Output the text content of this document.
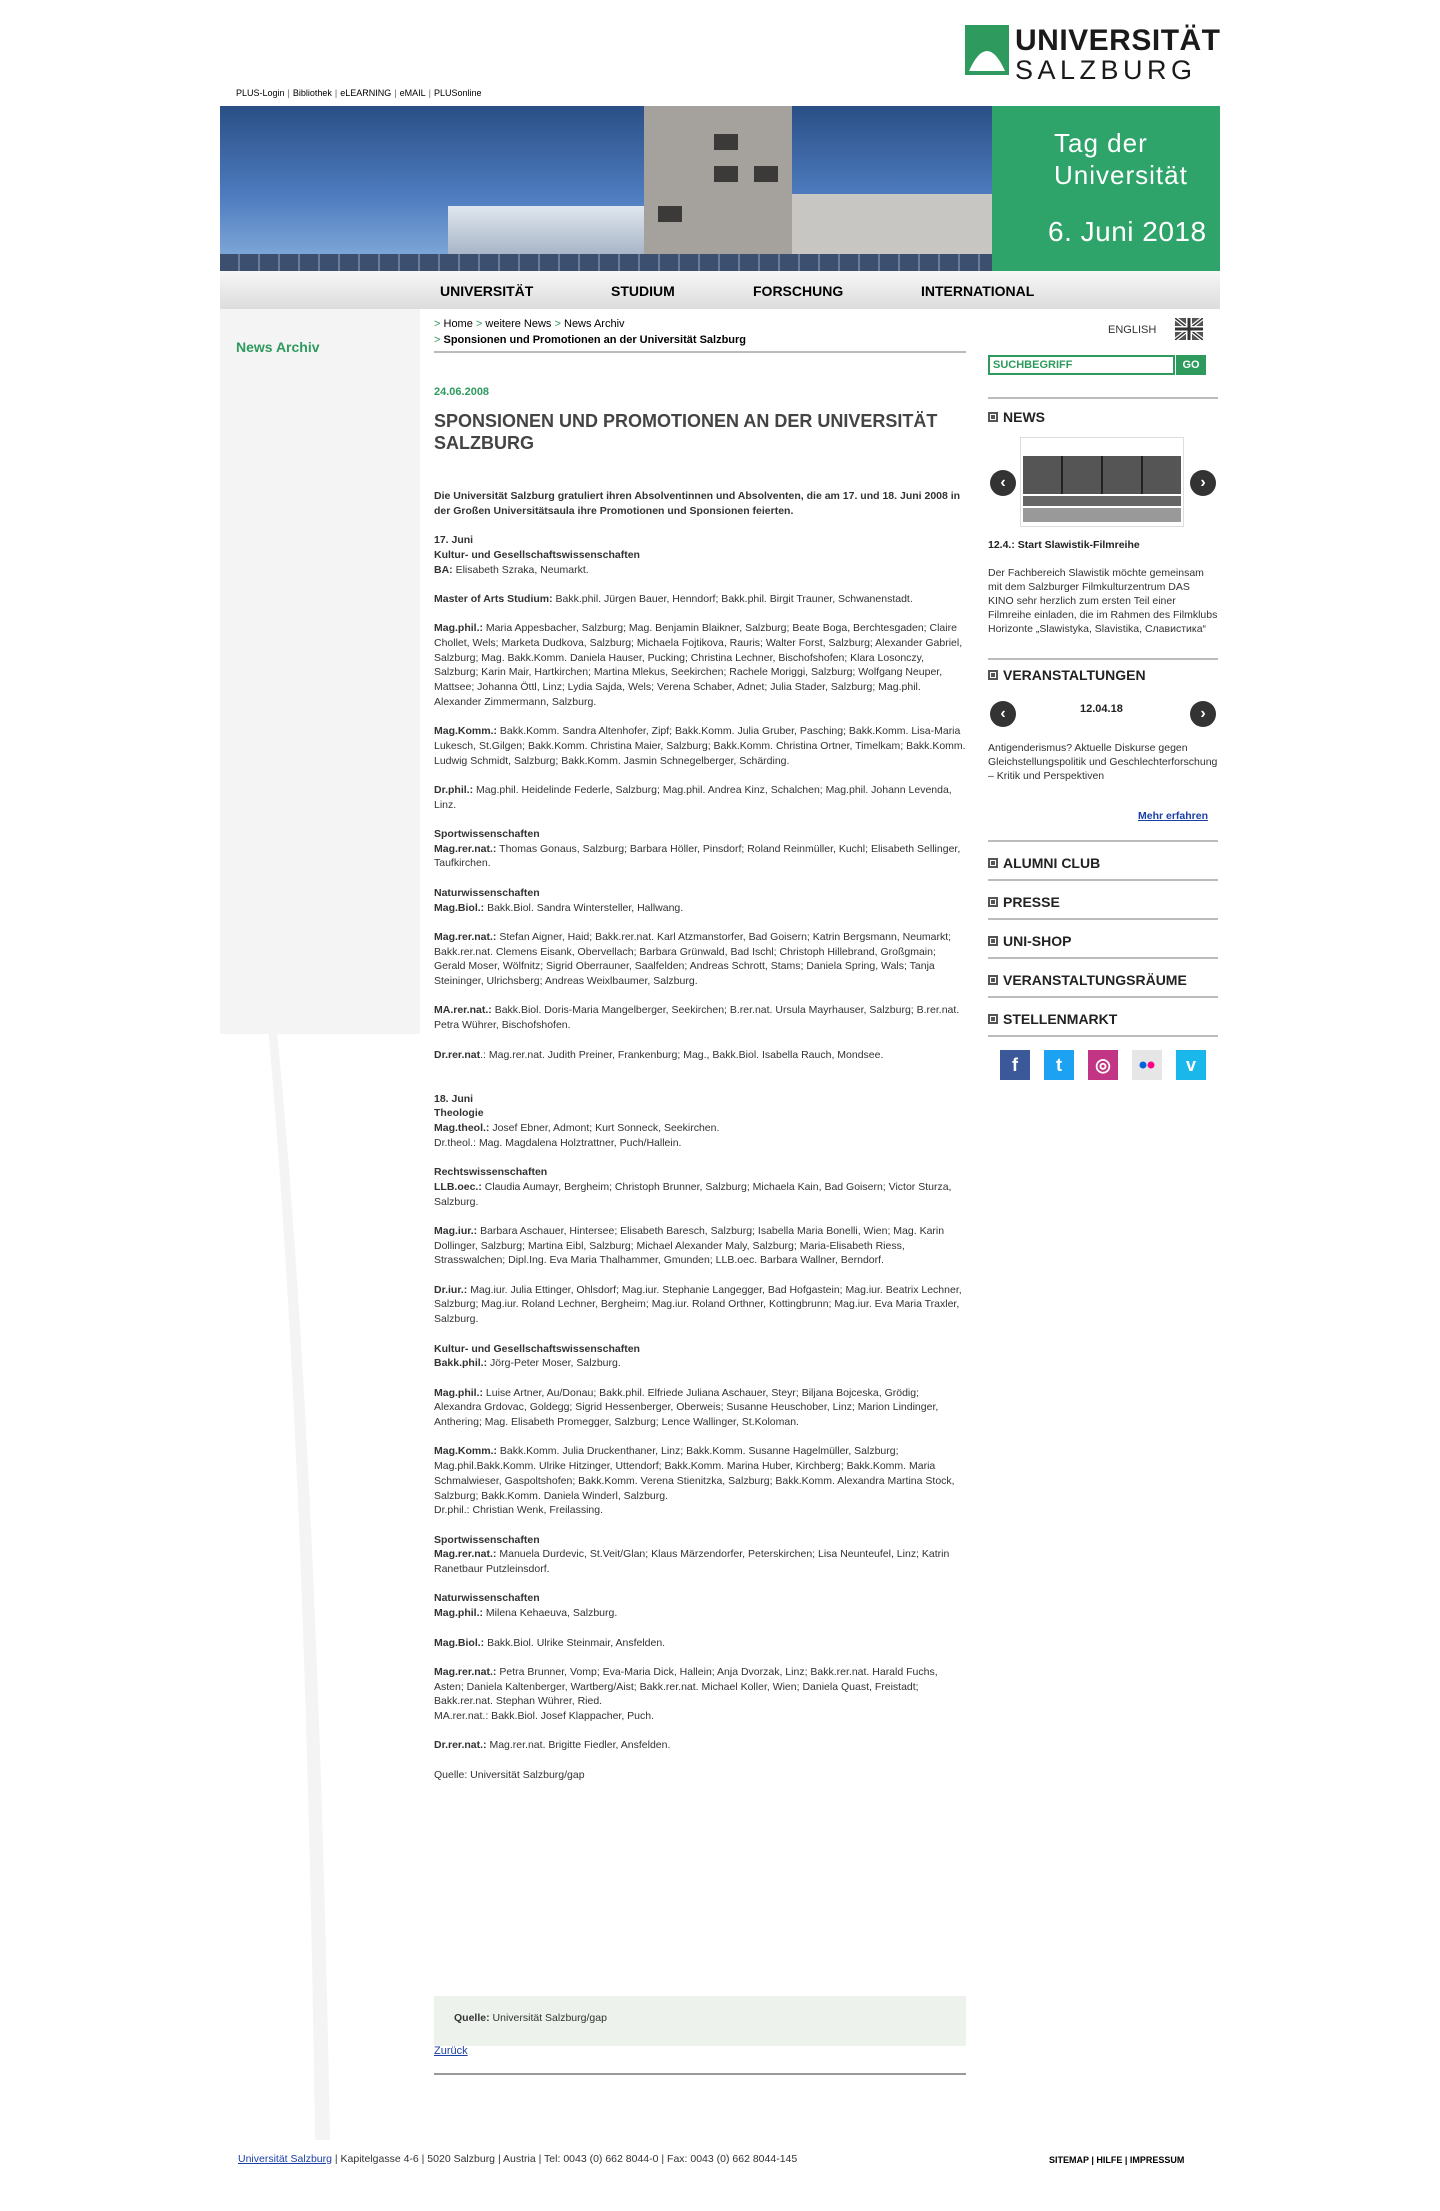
UNIVERSITÄT
SALZBURG
PLUS-Login | Bibliothek | eLEARNING | eMAIL | PLUSonline
Tag der
Universität
6. Juni 2018
UNIVERSITÄT	STUDIUM	FORSCHUNG	INTERNATIONAL
News Archiv
> Home > weitere News > News Archiv
> Sponsionen und Promotionen an der Universität Salzburg
24.06.2008
SPONSIONEN UND PROMOTIONEN AN DER UNIVERSITÄT SALZBURG

Die Universität Salzburg gratuliert ihren Absolventinnen und Absolventen, die am 17. und 18. Juni 2008 in der Großen Universitätsaula ihre Promotionen und Sponsionen feierten.

17. Juni
Kultur- und Gesellschaftswissenschaften
BA: Elisabeth Szraka, Neumarkt.

Master of Arts Studium: Bakk.phil. Jürgen Bauer, Henndorf; Bakk.phil. Birgit Trauner, Schwanenstadt.

Mag.phil.: Maria Appesbacher, Salzburg; Mag. Benjamin Blaikner, Salzburg; Beate Boga, Berchtesgaden; Claire Chollet, Wels; Marketa Dudkova, Salzburg; Michaela Fojtikova, Rauris; Walter Forst, Salzburg; Alexander Gabriel, Salzburg; Mag. Bakk.Komm. Daniela Hauser, Pucking; Christina Lechner, Bischofshofen; Klara Losonczy, Salzburg; Karin Mair, Hartkirchen; Martina Mlekus, Seekirchen; Rachele Moriggi, Salzburg; Wolfgang Neuper, Mattsee; Johanna Öttl, Linz; Lydia Sajda, Wels; Verena Schaber, Adnet; Julia Stader, Salzburg; Mag.phil. Alexander Zimmermann, Salzburg.

Mag.Komm.: Bakk.Komm. Sandra Altenhofer, Zipf; Bakk.Komm. Julia Gruber, Pasching; Bakk.Komm. Lisa-Maria Lukesch, St.Gilgen; Bakk.Komm. Christina Maier, Salzburg; Bakk.Komm. Christina Ortner, Timelkam; Bakk.Komm. Ludwig Schmidt, Salzburg; Bakk.Komm. Jasmin Schnegelberger, Schärding.

Dr.phil.: Mag.phil. Heidelinde Federle, Salzburg; Mag.phil. Andrea Kinz, Schalchen; Mag.phil. Johann Levenda, Linz.

Sportwissenschaften
Mag.rer.nat.: Thomas Gonaus, Salzburg; Barbara Höller, Pinsdorf; Roland Reinmüller, Kuchl; Elisabeth Sellinger, Taufkirchen.

Naturwissenschaften
Mag.Biol.: Bakk.Biol. Sandra Wintersteller, Hallwang.

Mag.rer.nat.: Stefan Aigner, Haid; Bakk.rer.nat. Karl Atzmanstorfer, Bad Goisern; Katrin Bergsmann, Neumarkt; Bakk.rer.nat. Clemens Eisank, Obervellach; Barbara Grünwald, Bad Ischl; Christoph Hillebrand, Großgmain; Gerald Moser, Wölfnitz; Sigrid Oberrauner, Saalfelden; Andreas Schrott, Stams; Daniela Spring, Wals; Tanja Steininger, Ulrichsberg; Andreas Weixlbaumer, Salzburg.

MA.rer.nat.: Bakk.Biol. Doris-Maria Mangelberger, Seekirchen; B.rer.nat. Ursula Mayrhauser, Salzburg; B.rer.nat. Petra Wührer, Bischofshofen.

Dr.rer.nat.: Mag.rer.nat. Judith Preiner, Frankenburg; Mag., Bakk.Biol. Isabella Rauch, Mondsee.

18. Juni
Theologie
Mag.theol.: Josef Ebner, Admont; Kurt Sonneck, Seekirchen.
Dr.theol.: Mag. Magdalena Holztrattner, Puch/Hallein.

Rechtswissenschaften
LLB.oec.: Claudia Aumayr, Bergheim; Christoph Brunner, Salzburg; Michaela Kain, Bad Goisern; Victor Sturza, Salzburg.

Mag.iur.: Barbara Aschauer, Hintersee; Elisabeth Baresch, Salzburg; Isabella Maria Bonelli, Wien; Mag. Karin Dollinger, Salzburg; Martina Eibl, Salzburg; Michael Alexander Maly, Salzburg; Maria-Elisabeth Riess, Strasswalchen; Dipl.Ing. Eva Maria Thalhammer, Gmunden; LLB.oec. Barbara Wallner, Berndorf.

Dr.iur.: Mag.iur. Julia Ettinger, Ohlsdorf; Mag.iur. Stephanie Langegger, Bad Hofgastein; Mag.iur. Beatrix Lechner, Salzburg; Mag.iur. Roland Lechner, Bergheim; Mag.iur. Roland Orthner, Kottingbrunn; Mag.iur. Eva Maria Traxler, Salzburg.

Kultur- und Gesellschaftswissenschaften
Bakk.phil.: Jörg-Peter Moser, Salzburg.

Mag.phil.: Luise Artner, Au/Donau; Bakk.phil. Elfriede Juliana Aschauer, Steyr; Biljana Bojceska, Grödig; Alexandra Grdovac, Goldegg; Sigrid Hessenberger, Oberweis; Susanne Heuschober, Linz; Marion Lindinger, Anthering; Mag. Elisabeth Promegger, Salzburg; Lence Wallinger, St.Koloman.

Mag.Komm.: Bakk.Komm. Julia Druckenthaner, Linz; Bakk.Komm. Susanne Hagelmüller, Salzburg; Mag.phil.Bakk.Komm. Ulrike Hitzinger, Uttendorf; Bakk.Komm. Marina Huber, Kirchberg; Bakk.Komm. Maria Schmalwieser, Gaspoltshofen; Bakk.Komm. Verena Stienitzka, Salzburg; Bakk.Komm. Alexandra Martina Stock, Salzburg; Bakk.Komm. Daniela Winderl, Salzburg.
Dr.phil.: Christian Wenk, Freilassing.

Sportwissenschaften
Mag.rer.nat.: Manuela Durdevic, St.Veit/Glan; Klaus Märzendorfer, Peterskirchen; Lisa Neunteufel, Linz; Katrin Ranetbaur Putzleinsdorf.

Naturwissenschaften
Mag.phil.: Milena Kehaeuva, Salzburg.

Mag.Biol.: Bakk.Biol. Ulrike Steinmair, Ansfelden.

Mag.rer.nat.: Petra Brunner, Vomp; Eva-Maria Dick, Hallein; Anja Dvorzak, Linz; Bakk.rer.nat. Harald Fuchs, Asten; Daniela Kaltenberger, Wartberg/Aist; Bakk.rer.nat. Michael Koller, Wien; Daniela Quast, Freistadt; Bakk.rer.nat. Stephan Wührer, Ried.
MA.rer.nat.: Bakk.Biol. Josef Klappacher, Puch.

Dr.rer.nat.: Mag.rer.nat. Brigitte Fiedler, Ansfelden.

Quelle: Universität Salzburg/gap

Quelle: Universität Salzburg/gap
Zurück
ENGLISH
SUCHBEGRIFF	GO
NEWS
‹	›
12.4.: Start Slawistik-Filmreihe
Der Fachbereich Slawistik möchte gemeinsam mit dem Salzburger Filmkulturzentrum DAS KINO sehr herzlich zum ersten Teil einer Filmreihe einladen, die im Rahmen des Filmklubs Horizonte „Slawistyka, Slavistika, Славистика“
VERANSTALTUNGEN
‹	12.04.18	›
Antigenderismus? Aktuelle Diskurse gegen Gleichstellungspolitik und Geschlechterforschung – Kritik und Perspektiven
Mehr erfahren
ALUMNI CLUB
PRESSE
UNI-SHOP
VERANSTALTUNGSRÄUME
STELLENMARKT
f	t	◎	v
Universität Salzburg | Kapitelgasse 4-6 | 5020 Salzburg | Austria | Tel: 0043 (0) 662 8044-0 | Fax: 0043 (0) 662 8044-145	SITEMAP | HILFE | IMPRESSUM
